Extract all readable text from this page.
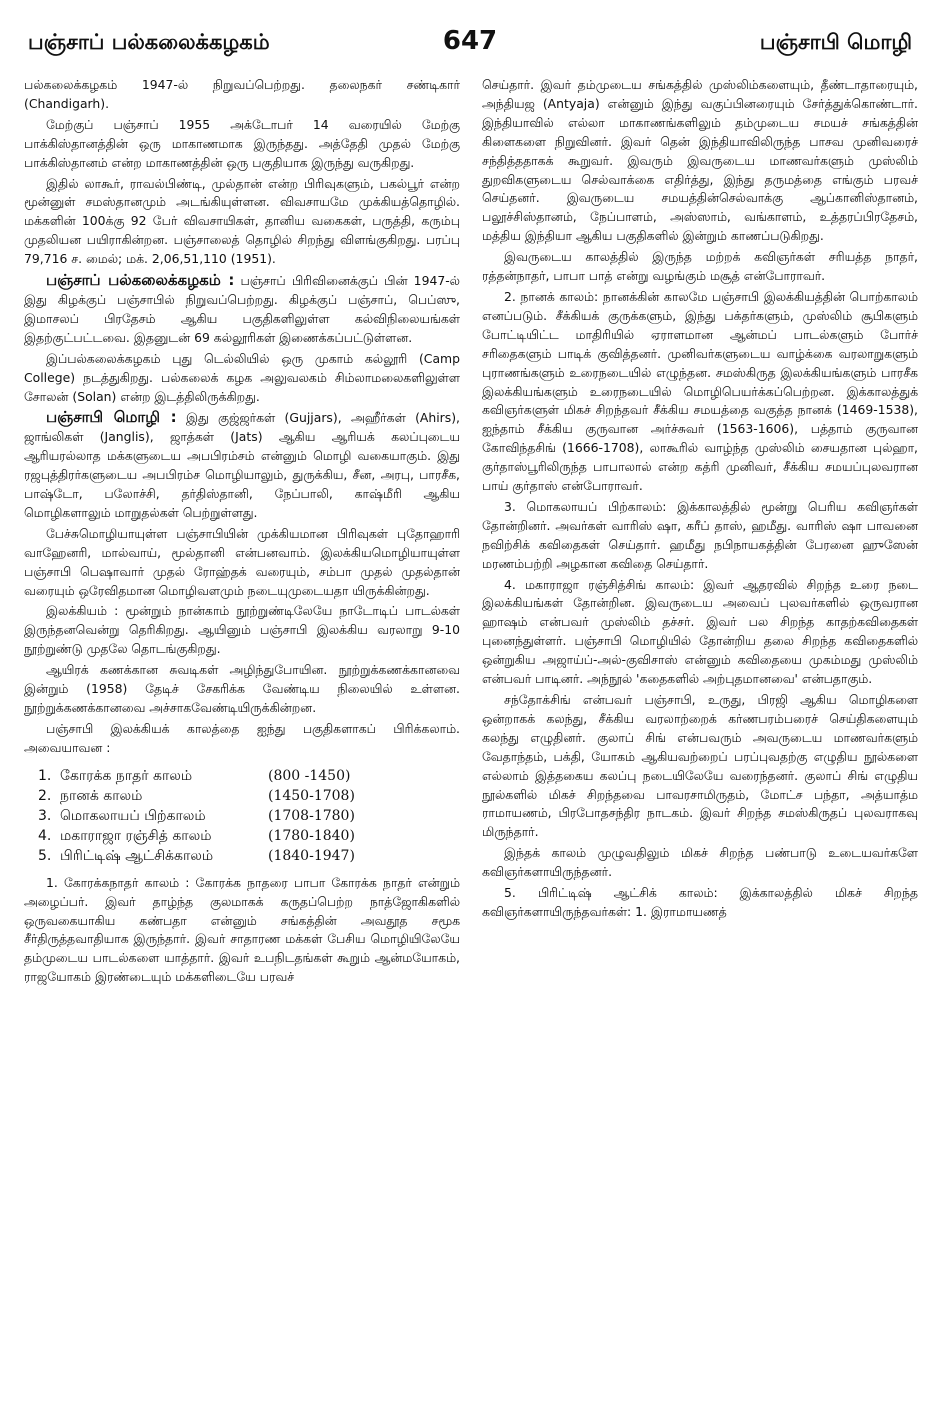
பஞ்சாப் பல்கலைக்கழகம்	647	பஞ்சாபி மொழி

பல்கலைக்கழகம் 1947-ல் நிறுவப்பெற்றது. தலைநகர் சண்டிகார் (Chandigarh).

மேற்குப் பஞ்சாப் 1955 அக்டோபர் 14 வரையில் மேற்கு பாக்கிஸ்தானத்தின் ஒரு மாகாணமாக இருந்தது. அத்தேதி முதல் மேற்கு பாக்கிஸ்தானம் என்ற மாகாணத்தின் ஒரு பகுதியாக இருந்து வருகிறது.

இதில் லாகூர், ராவல்பிண்டி, முல்தான் என்ற பிரிவுகளும், பகல்பூர் என்ற மூன்னுள் சமஸ்தானமும் அடங்கியுள்ளன. விவசாயமே முக்கியத்தொழில். மக்களின் 100க்கு 92 பேர் விவசாயிகள், தானிய வகைகள், பருத்தி, கரும்பு முதலியன பயிராகின்றன. பஞ்சாலைத் தொழில் சிறந்து விளங்குகிறது. பரப்பு 79,716 ச. மைல்; மக். 2,06,51,110 (1951).

பஞ்சாப் பல்கலைக்கழகம் : பஞ்சாப் பிரிவினைக்குப் பின் 1947-ல் இது கிழக்குப் பஞ்சாபில் நிறுவப்பெற்றது. கிழக்குப் பஞ்சாப், பெப்ஸு, இமாசலப் பிரதேசம் ஆகிய பகுதிகளிலுள்ள கல்விநிலையங்கள் இதற்குட்பட்டவை. இதனுடன் 69 கல்லூரிகள் இணைக்கப்பட்டுள்ளன.

இப்பல்கலைக்கழகம் புது டெல்லியில் ஒரு முகாம் கல்லூரி (Camp College) நடத்துகிறது. பல்கலைக் கழக அலுவலகம் சிம்லாமலைகளிலுள்ள சோலன் (Solan) என்ற இடத்திலிருக்கிறது.

பஞ்சாபி மொழி : இது குஜ்ஜர்கள் (Gujjars), அஹீர்கள் (Ahirs), ஜாங்லிகள் (Janglis), ஜாத்கள் (Jats) ஆகிய ஆரியக் கலப்புடைய ஆரியரல்லாத மக்களுடைய அபபிரம்சம் என்னும் மொழி வகையாகும். இது ரஜபுத்திரர்களுடைய அபபிரம்ச மொழியாலும், துருக்கிய, சீன, அரபு, பாரசீக, பாஷ்டோ, பலோச்சி, தர்திஸ்தானி, நேப்பாலி, காஷ்மீரி ஆகிய மொழிகளாலும் மாறுதல்கள் பெற்றுள்ளது.

பேச்சுமொழியாயுள்ள பஞ்சாபியின் முக்கியமான பிரிவுகள் புதோஹாரி வாஹேனரி, மால்வாய், மூல்தானி என்பனவாம். இலக்கியமொழியாயுள்ள பஞ்சாபி பெஷாவார் முதல் ரோஹ்தக் வரையும், சம்பா முதல் முதல்தான் வரையும் ஒரேவிதமான மொழிவளமும் நடையுமுடையதா யிருக்கின்றது.

இலக்கியம் : மூன்றும் நான்காம் நூற்றுண்டிலேயே நாடோடிப் பாடல்கள் இருந்தனவென்று தெரிகிறது. ஆயினும் பஞ்சாபி இலக்கிய வரலாறு 9-10 நூற்றுண்டு முதலே தொடங்குகிறது.

ஆயிரக் கணக்கான சுவடிகள் அழிந்துபோயின. நூற்றுக்கணக்கானவை இன்றும் (1958) தேடிச் சேகரிக்க வேண்டிய நிலையில் உள்ளன. நூற்றுக்கணக்கானவை அச்சாகவேண்டியிருக்கின்றன.

பஞ்சாபி இலக்கியக் காலத்தை ஐந்து பகுதிகளாகப் பிரிக்கலாம். அவையாவன :

1. கோரக்க நாதர் காலம்	(800 -1450)
2. நானக் காலம்	(1450-1708)
3. மொகலாயப் பிற்காலம்	(1708-1780)
4. மகாராஜா ரஞ்சித் காலம்	(1780-1840)
5. பிரிட்டிஷ் ஆட்சிக்காலம்	(1840-1947)

1. கோரக்கநாதர் காலம் : கோரக்க நாதரை பாபா கோரக்க நாதர் என்றும் அழைப்பர். இவர் தாழ்ந்த குலமாகக் கருதப்பெற்ற நாத்ஜோகிகளில் ஒருவகையாகிய கண்பதா என்னும் சங்கத்தின் அவதூத சமூக சீர்திருத்தவாதியாக இருந்தார். இவர் சாதாரண மக்கள் பேசிய மொழியிலேயே தம்முடைய பாடல்களை யாத்தார். இவர் உபநிடதங்கள் கூறும் ஆன்மயோகம், ராஜயோகம் இரண்டையும் மக்களிடையே பரவச்

செய்தார். இவர் தம்முடைய சங்கத்தில் முஸ்லிம்களையும், தீண்டாதாரையும், அந்தியஜ (Antyaja) என்னும் இந்து வகுப்பினரையும் சேர்த்துக்கொண்டார். இந்தியாவில் எல்லா மாகாணங்களிலும் தம்முடைய சமயச் சங்கத்தின் கிளைகளை நிறுவினர். இவர் தென் இந்தியாவிலிருந்த பாசவ முனிவரைச் சந்தித்ததாகக் கூறுவர். இவரும் இவருடைய மாணவர்களும் முஸ்லிம் துறவிகளுடைய செல்வாக்கை எதிர்த்து, இந்து தருமத்தை எங்கும் பரவச் செய்தனர். இவருடைய சமயத்தின்செல்வாக்கு ஆப்கானிஸ்தானம், பலூச்சிஸ்தானம், நேப்பாளம், அஸ்ஸாம், வங்காளம், உத்தரப்பிரதேசம், மத்திய இந்தியா ஆகிய பகுதிகளில் இன்றும் காணப்படுகிறது.

இவருடைய காலத்தில் இருந்த மற்றக் கவிஞர்கள் சரியத்த நாதர், ரத்தன்நாதர், பாபா பாத் என்று வழங்கும் மசூத் என்போராவர்.

2. நானக் காலம்: நானக்கின் காலமே பஞ்சாபி இலக்கியத்தின் பொற்காலம் எனப்படும். சீக்கியக் குருக்களும், இந்து பக்தர்களும், முஸ்லிம் சூபிகளும் போட்டியிட்ட மாதிரியில் ஏராளமான ஆன்மப் பாடல்களும் போர்ச் சரிதைகளும் பாடிக் குவித்தனர். முனிவர்களுடைய வாழ்க்கை வரலாறுகளும் புராணங்களும் உரைநடையில் எழுந்தன. சமஸ்கிருத இலக்கியங்களும் பாரசீக இலக்கியங்களும் உரைநடையில் மொழிபெயர்க்கப்பெற்றன. இக்காலத்துக் கவிஞர்களுள் மிகச் சிறந்தவர் சீக்கிய சமயத்தை வகுத்த நானக் (1469-1538), ஐந்தாம் சீக்கிய குருவான அர்ச்சுவர் (1563-1606), பத்தாம் குருவான கோவிந்தசிங் (1666-1708), லாகூரில் வாழ்ந்த முஸ்லிம் சையதான புல்ஹா, குர்தாஸ்பூரிலிருந்த பாபாலால் என்ற கத்ரி முனிவர், சீக்கிய சமயப்புலவரான பாய் குர்தாஸ் என்போராவர்.

3. மொகலாயப் பிற்காலம்: இக்காலத்தில் மூன்று பெரிய கவிஞர்கள் தோன்றினர். அவர்கள் வாரிஸ் ஷா, கரீப் தாஸ், ஹமீது. வாரிஸ் ஷா பாவனை நவிற்சிக் கவிதைகள் செய்தார். ஹமீது நபிநாயகத்தின் பேரனை ஹுஸேன் மரணம்பற்றி அழகான கவிதை செய்தார்.

4. மகாராஜா ரஞ்சித்சிங் காலம்: இவர் ஆதரவில் சிறந்த உரை நடை இலக்கியங்கள் தோன்றின. இவருடைய அவைப் புலவர்களில் ஒருவரான ஹாஷம் என்பவர் முஸ்லிம் தச்சர். இவர் பல சிறந்த காதற்கவிதைகள் புனைந்துள்ளர். பஞ்சாபி மொழியில் தோன்றிய தலை சிறந்த கவிதைகளில் ஒன்றுகிய அஜாய்ப்-அல்-குவிசாஸ் என்னும் கவிதையை முகம்மது முஸ்லிம் என்பவர் பாடினர். அந்நூல் 'கதைகளில் அற்புதமானவை' என்பதாகும்.

சந்தோக்சிங் என்பவர் பஞ்சாபி, உருது, பிரஜி ஆகிய மொழிகளை ஒன்றாகக் கலந்து, சீக்கிய வரலாற்றைக் கர்ணபரம்பரைச் செய்திகளையும் கலந்து எழுதினர். குலாப் சிங் என்பவரும் அவருடைய மாணவர்களும் வேதாந்தம், பக்தி, யோகம் ஆகியவற்றைப் பரப்புவதற்கு எழுதிய நூல்களை எல்லாம் இத்தகைய கலப்பு நடையிலேயே வரைந்தனர். குலாப் சிங் எழுதிய நூல்களில் மிகச் சிறந்தவை பாவரசாமிருதம், மோட்ச பந்தா, அத்யாத்ம ராமாயணம், பிரபோதசந்திர நாடகம். இவர் சிறந்த சமஸ்கிருதப் புலவராகவு மிருந்தார்.

இந்தக் காலம் முழுவதிலும் மிகச் சிறந்த பண்பாடு உடையவர்களே கவிஞர்களாயிருந்தனர்.

5. பிரிட்டிஷ் ஆட்சிக் காலம்: இக்காலத்தில் மிகச் சிறந்த கவிஞர்களாயிருந்தவர்கள்: 1. இராமாயணத்
